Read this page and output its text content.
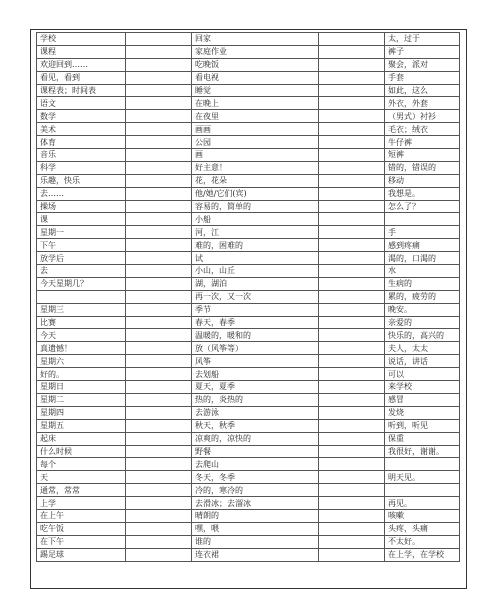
学校		回家		太，过于
课程		家庭作业		裤子
欢迎回到……		吃晚饭		聚会，派对
看见，看到		看电视		手套
课程表；时间表		睡觉		如此，这么
语文		在晚上		外衣，外套
数学		在夜里		（男式）衬衫
美术		画画		毛衣；绒衣
体育		公园		牛仔裤
音乐		画		短裤
科学		好主意！		错的，错误的
乐趣，快乐		花，花朵		移动
去……		他/她/它们(宾)		我想是。
操场		容易的，简单的		怎么了？
课		小船		
星期一		河，江		手
下午		难的，困难的		感到疼痛
放学后		试		渴的，口渴的
去		小山，山丘		水
今天星期几？		湖，湖泊		生病的
		再一次，又一次		累的，疲劳的
星期三		季节		晚安。
比赛		春天，春季		亲爱的
今天		温暖的，暖和的		快乐的，高兴的
真遗憾！		放（风筝等）		夫人，太太
星期六		风筝		说话，讲话
好的。		去划船		可以
星期日		夏天，夏季		来学校
星期二		热的，炎热的		感冒
星期四		去游泳		发烧
星期五		秋天，秋季		听到，听见
起床		凉爽的，凉快的		保重
什么时候		野餐		我很好，谢谢。
每个		去爬山		
天		冬天，冬季		明天见。
通常，常常		冷的，寒冷的		
上学		去滑冰；去溜冰		再见。
在上午		晴朗的		咳嗽
吃午饭		嘿，喂		头疼，头痛
在下午		谁的		不太好。
踢足球		连衣裙		在上学，在学校
